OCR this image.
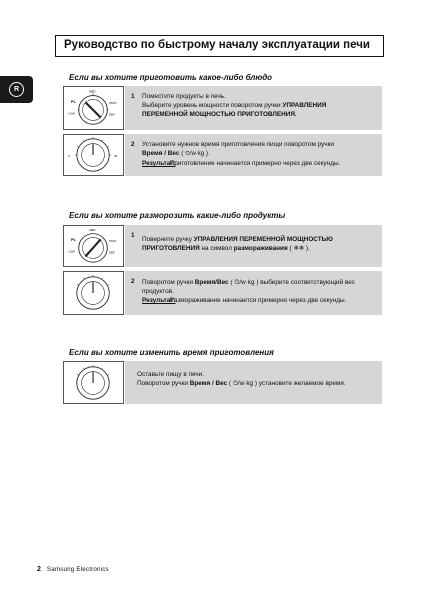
Руководство по быстрому началу эксплуатации печи
R
Если вы хотите приготовить какое-либо блюдо
PL
MED
HIGH
LOW	DEF
1 Поместите продукты в печь.
Выберите уровень мощности поворотом ручки УПРАВЛЕНИЯ
ПЕРЕМЕННОЙ МОЩНОСТЬЮ ПРИГОТОВЛЕНИЯ.
0	30
2 Установите нужное время приготовления пищи поворотом ручки
Время / Вес ( ⏲/w·kg ).
Результат: Приготовление начинается примерно через две секунды.
Если вы хотите разморозить какие-либо продукты
PL
MED
HIGH
LOW	DEF
1
Поверните ручку УПРАВЛЕНИЯ ПЕРЕМЕННОЙ МОЩНОСТЬЮ
ПРИГОТОВЛЕНИЯ на символ размораживания ( ❄❄ ).
2 Поворотом ручки Время/Вес ( ⏲/w·kg ) выберите соответствующий вес
продуктов.
Результат: Размораживание начинается примерно через две секунды.
Если вы хотите изменить время приготовления
Оставьте пищу в печи.
Поворотом ручки Время / Вес ( ⏲/w·kg ) установите желаемое время.
2 Samsung Electronics
